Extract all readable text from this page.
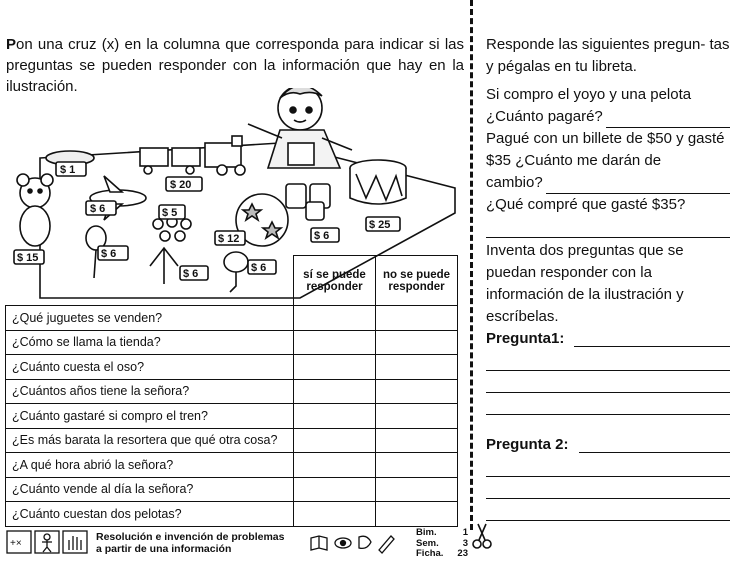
Pon una cruz (x) en la columna que corresponda para indicar si las preguntas se pueden responder con la información que hay en la ilustración.
$ 1
$ 20
$ 6	$ 5
$ 12	$ 6
$ 25
$ 15	$ 6
$ 6	$ 6
	sí se puede responder	no se puede responder
¿Qué juguetes se venden?		
¿Cómo se llama la tienda?		
¿Cuánto cuesta el oso?		
¿Cuántos años tiene la señora?		
¿Cuánto gastaré si compro el tren?		
¿Es más barata la resortera que qué otra cosa?		
¿A qué hora abrió la señora?		
¿Cuánto vende al día la señora?		
¿Cuánto cuestan dos pelotas?		
Responde las siguientes pregun- tas y pégalas en tu libreta.
Si compro el yoyo y una pelota
¿Cuánto pagaré?
Pagué con un billete de $50 y gasté $35 ¿Cuánto me darán de
cambio?
¿Qué compré que gasté $35?
Inventa dos preguntas que se puedan responder con la información de la ilustración y escríbelas.
Pregunta1:
Pregunta 2:
+×
Resolución e invención de problemas
a partir de una información
Bim.
Sem.
Ficha.
1
3
23
